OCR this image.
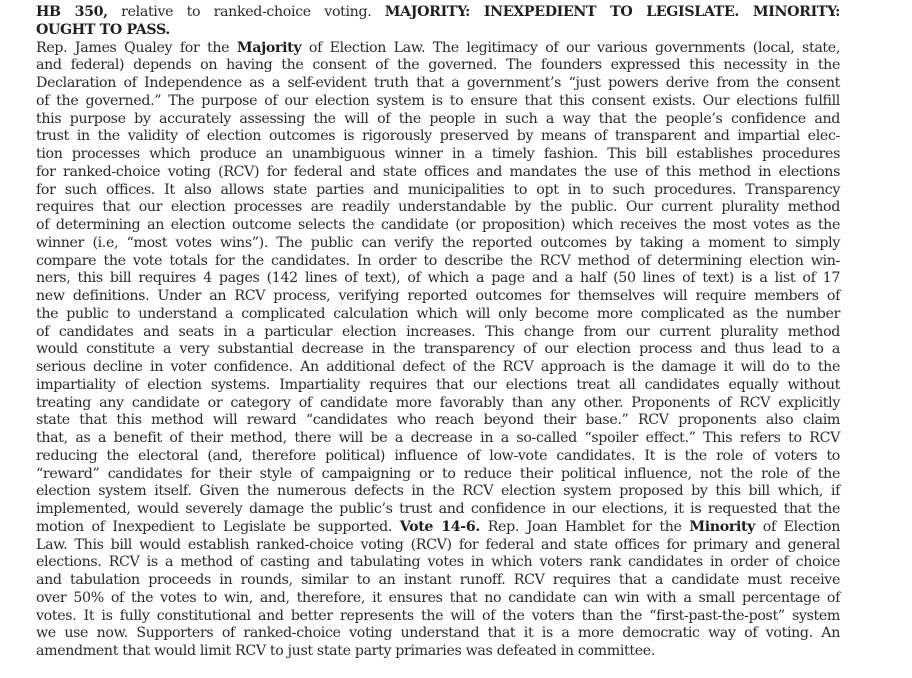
HB 350, relative to ranked-choice voting. MAJORITY: INEXPEDIENT TO LEGISLATE. MINORITY:
OUGHT TO PASS.
Rep. James Qualey for the Majority of Election Law. The legitimacy of our various governments (local, state,
and federal) depends on having the consent of the governed. The founders expressed this necessity in the
Declaration of Independence as a self-evident truth that a government’s “just powers derive from the consent
of the governed.” The purpose of our election system is to ensure that this consent exists. Our elections fulfill
this purpose by accurately assessing the will of the people in such a way that the people’s confidence and
trust in the validity of election outcomes is rigorously preserved by means of transparent and impartial elec-
tion processes which produce an unambiguous winner in a timely fashion. This bill establishes procedures
for ranked-choice voting (RCV) for federal and state offices and mandates the use of this method in elections
for such offices. It also allows state parties and municipalities to opt in to such procedures. Transparency
requires that our election processes are readily understandable by the public. Our current plurality method
of determining an election outcome selects the candidate (or proposition) which receives the most votes as the
winner (i.e, “most votes wins”). The public can verify the reported outcomes by taking a moment to simply
compare the vote totals for the candidates. In order to describe the RCV method of determining election win-
ners, this bill requires 4 pages (142 lines of text), of which a page and a half (50 lines of text) is a list of 17
new definitions. Under an RCV process, verifying reported outcomes for themselves will require members of
the public to understand a complicated calculation which will only become more complicated as the number
of candidates and seats in a particular election increases. This change from our current plurality method
would constitute a very substantial decrease in the transparency of our election process and thus lead to a
serious decline in voter confidence. An additional defect of the RCV approach is the damage it will do to the
impartiality of election systems. Impartiality requires that our elections treat all candidates equally without
treating any candidate or category of candidate more favorably than any other. Proponents of RCV explicitly
state that this method will reward “candidates who reach beyond their base.” RCV proponents also claim
that, as a benefit of their method, there will be a decrease in a so-called “spoiler effect.” This refers to RCV
reducing the electoral (and, therefore political) influence of low-vote candidates. It is the role of voters to
“reward” candidates for their style of campaigning or to reduce their political influence, not the role of the
election system itself. Given the numerous defects in the RCV election system proposed by this bill which, if
implemented, would severely damage the public’s trust and confidence in our elections, it is requested that the
motion of Inexpedient to Legislate be supported. Vote 14-6. Rep. Joan Hamblet for the Minority of Election
Law. This bill would establish ranked-choice voting (RCV) for federal and state offices for primary and general
elections. RCV is a method of casting and tabulating votes in which voters rank candidates in order of choice
and tabulation proceeds in rounds, similar to an instant runoff. RCV requires that a candidate must receive
over 50% of the votes to win, and, therefore, it ensures that no candidate can win with a small percentage of
votes. It is fully constitutional and better represents the will of the voters than the “first-past-the-post” system
we use now. Supporters of ranked-choice voting understand that it is a more democratic way of voting. An
amendment that would limit RCV to just state party primaries was defeated in committee.
